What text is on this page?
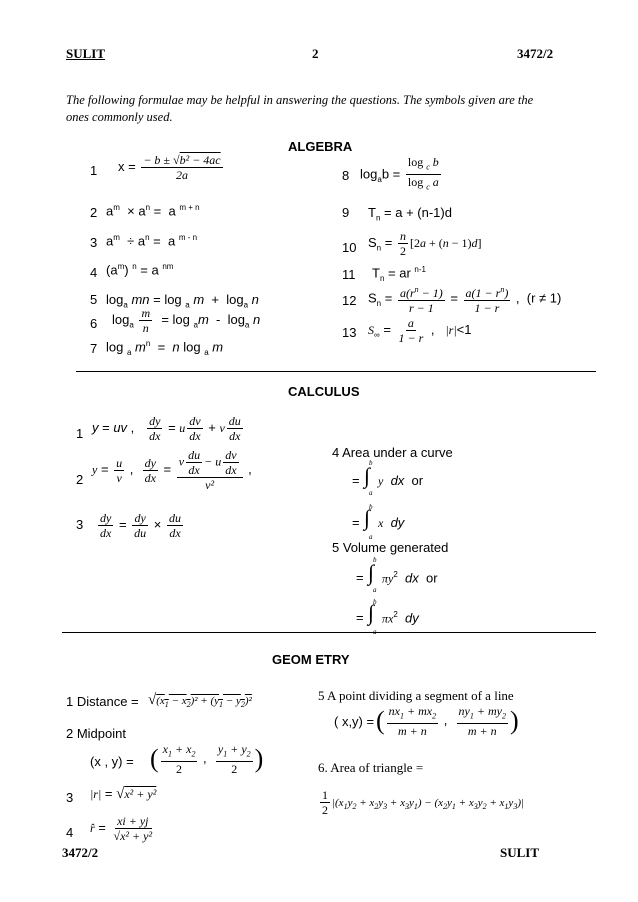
SULIT	2	3472/2
The following formulae may be helpful in answering the questions. The symbols given are the
ones commonly used.
ALGEBRA
1 $x = \frac{\text{− b ± √b² − 4ac}}{2a}$
2 $a^m \times a^n = a$ $^{m + n}$
3 $a^m \div a^n = a$ $^{m - n}$
4 $(a^m) ^n = a$ $^{nm}$
5 $\log_a$ mn = log $_a$ $m + \log_a n$
6 $\log_a \frac{m}{n} = \log _am - \log_a n$
7 log $_a$ $m^n = n$ log $_a$ m
8 $\log_ab = \frac{\log _c b}{\log _c a}$
9 $T_n = a + (n-1)d$
10 $S_n = \frac{n}{2} [2a + (n - 1)d]$
11 $T_n$ = ar $^{n-1}$
12 $S_n = \frac{a(r^n - 1)}{r - 1} = \frac{a(1 - r^n)}{1 - r}$ ,  (r ≠ 1)
13 $S_\infty = \frac{a}{1 - r}$ ,   |r|<1
CALCULUS
1 y = uv , $\frac{dy}{dx} = u \frac{dv}{dx} + v \frac{du}{dx}$
2
$y = \frac{u}{v}$ , $\frac{dy}{dx} = \frac{v \frac{du}{dx} - u \frac{dv}{dx}}{\text{v²}}$ ,
$3 \frac{dy}{dx} = \frac{dy}{du} \times \frac{du}{dx}$
4 Area under a curve
b
a
= ∫ y dx or
b
a
= ∫ x dy
5 Volume generated
b
a
= ∫ $\pi y^2$ dx or
b
= ∫ $\pi x^2$ dy
GEOM ETRY
1 Distance = $√(x_1 - x_2)^2 + (y_1 - y_2)^2$
2 Midpoint
(x , y) = ( $\frac{x_1 + x_2}{2}$ , $\frac{y_1 + y_2}{2}$ )
3 |r| = √x² + y²
4 r̂ = $\frac{xi + yj}{\text{√x² + y²}}$
5 A point dividing a segment of a line
( x,y) = ( $\frac{nx_1 + mx_2}{m + n}$ , $\frac{ny_1 + my_2}{m + n}$ )
6. Area of triangle =
$\frac{1}{2} |(x_1y_2 + x_2y_3 + x_3y_1) - (x_2y_1 + x_3y_2 + x_1y_3)|$
3472/2	SULIT
